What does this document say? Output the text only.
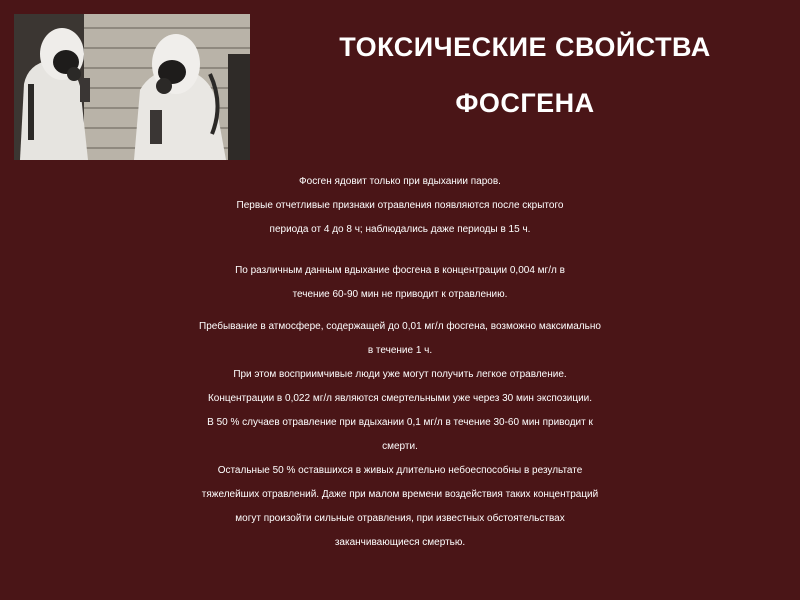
ТОКСИЧЕСКИЕ СВОЙСТВА
ФОСГЕНА
Фосген ядовит только при вдыхании паров.
Первые отчетливые признаки отравления появляются после скрытого
периода от 4 до 8 ч; наблюдались даже периоды в 15 ч.
По различным данным вдыхание фосгена в концентрации 0,004 мг/л в
течение 60-90 мин не приводит к отравлению.
Пребывание в атмосфере, содержащей до 0,01 мг/л фосгена, возможно максимально
в течение 1 ч.
При этом восприимчивые люди уже могут получить легкое отравление.
Концентрации в 0,022 мг/л являются смертельными уже через 30 мин экспозиции.
В 50 % случаев отравление при вдыхании 0,1 мг/л в течение 30-60 мин приводит к
смерти.
Остальные 50 % оставшихся в живых длительно небоеспособны в результате
тяжелейших отравлений. Даже при малом времени воздействия таких концентраций
могут произойти сильные отравления, при известных обстоятельствах
заканчивающиеся смертью.
